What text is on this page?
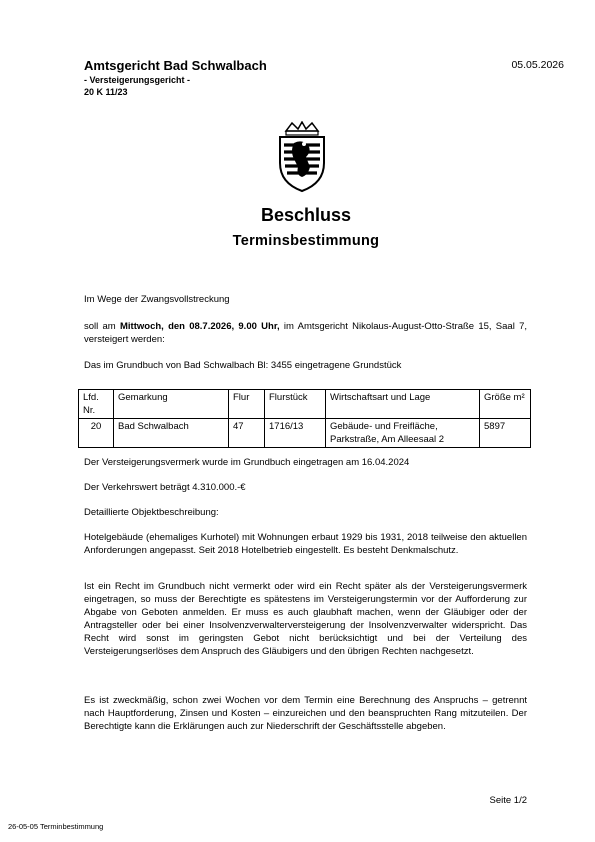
Amtsgericht Bad Schwalbach
- Versteigerungsgericht -
20 K 11/23
05.05.2026
Beschluss
Terminsbestimmung
Im Wege der Zwangsvollstreckung
soll am Mittwoch, den 08.7.2026, 9.00 Uhr, im Amtsgericht Nikolaus-August-Otto-Straße 15, Saal 7, versteigert werden:
Das im Grundbuch von Bad Schwalbach Bl: 3455 eingetragene Grundstück
Lfd. Nr.	Gemarkung	Flur	Flurstück	Wirtschaftsart und Lage	Größe m²
20	Bad Schwalbach	47	1716/13	Gebäude- und Freifläche, Parkstraße, Am Alleesaal 2	5897
Der Versteigerungsvermerk wurde im Grundbuch eingetragen am 16.04.2024
Der Verkehrswert beträgt 4.310.000.-€
Detaillierte Objektbeschreibung:
Hotelgebäude (ehemaliges Kurhotel) mit Wohnungen erbaut 1929 bis 1931, 2018 teilweise den aktuellen Anforderungen angepasst. Seit 2018 Hotelbetrieb eingestellt. Es besteht Denkmalschutz.
Ist ein Recht im Grundbuch nicht vermerkt oder wird ein Recht später als der Versteigerungsvermerk eingetragen, so muss der Berechtigte es spätestens im Versteigerungstermin vor der Aufforderung zur Abgabe von Geboten anmelden. Er muss es auch glaubhaft machen, wenn der Gläubiger oder der Antragsteller oder bei einer Insolvenzverwalterversteigerung der Insolvenzverwalter widerspricht. Das Recht wird sonst im geringsten Gebot nicht berücksichtigt und bei der Verteilung des Versteigerungserlöses dem Anspruch des Gläubigers und den übrigen Rechten nachgesetzt.
Es ist zweckmäßig, schon zwei Wochen vor dem Termin eine Berechnung des Anspruchs – getrennt nach Hauptforderung, Zinsen und Kosten – einzureichen und den beanspruchten Rang mitzuteilen. Der Berechtigte kann die Erklärungen auch zur Niederschrift der Geschäftsstelle abgeben.
Seite 1/2
26-05-05 Terminbestimmung
